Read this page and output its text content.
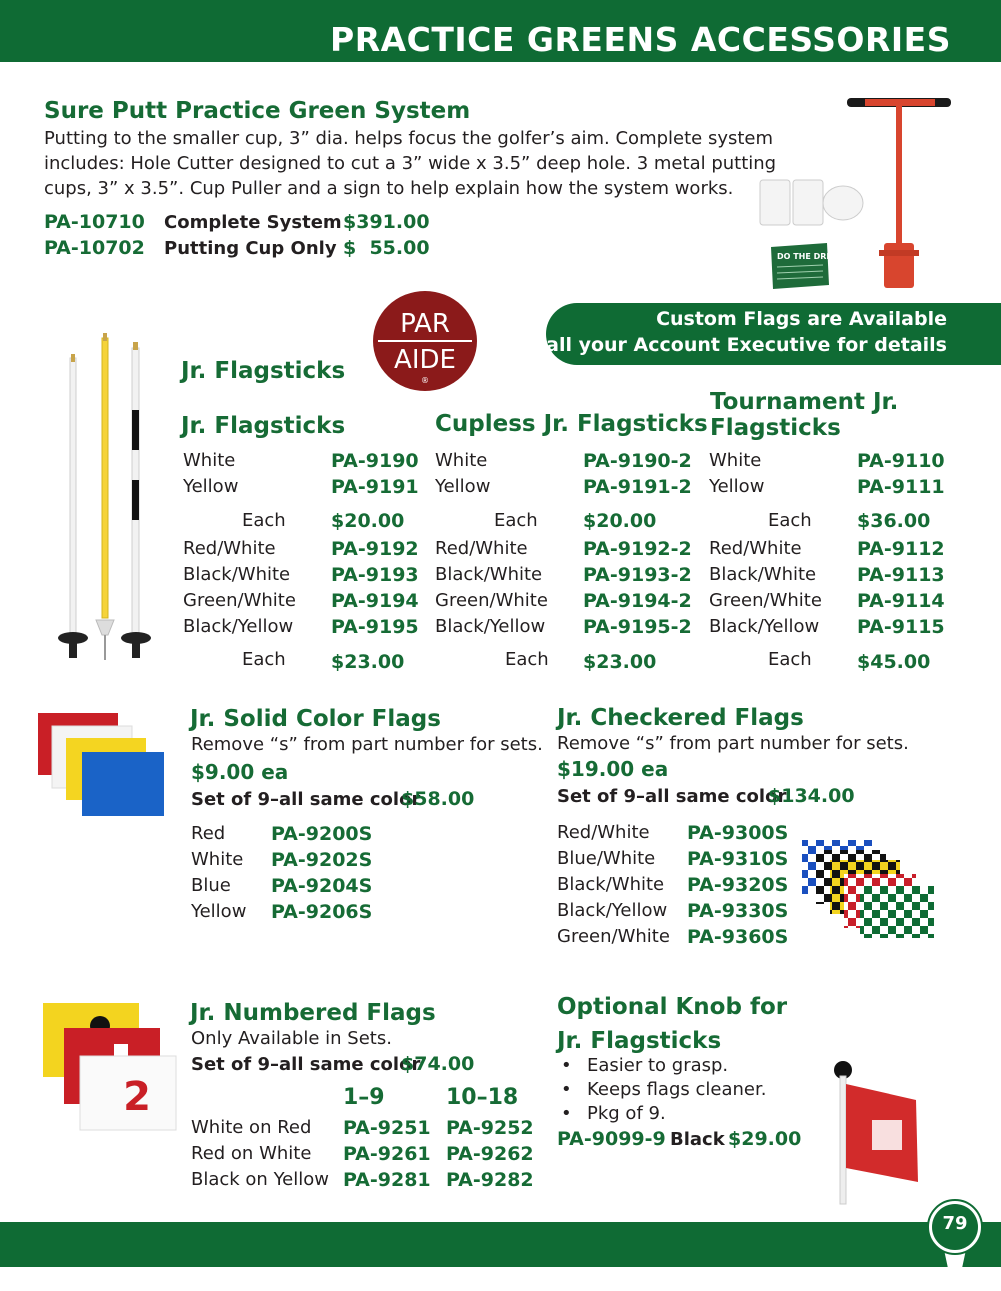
PRACTICE GREENS ACCESSORIES
Sure Putt Practice Green System
Putting to the smaller cup, 3” dia. helps focus the golfer’s aim. Complete system
includes: Hole Cutter designed to cut a 3” wide x 3.5” deep hole. 3 metal putting
cups, 3” x 3.5”. Cup Puller and a sign to help explain how the system works.
PA-10710 Complete System $391.00
PA-10702 Putting Cup Only $  55.00	DO THE DRILL
PAR
AIDE
®
Custom Flags are Available
Call your Account Executive for details
Jr. Flagsticks
Jr. Flagsticks
White	PA-9190
Yellow	PA-9191
Each $20.00
Red/White	PA-9192
Black/White PA-9193
Green/White PA-9194
Black/Yellow PA-9195
Each $23.00
Cupless Jr. Flagsticks
White	PA-9190-2
Yellow	PA-9191-2
Each $20.00
Red/White	PA-9192-2
Black/White PA-9193-2
Green/White PA-9194-2
Black/Yellow PA-9195-2
Each $23.00
Tournament Jr.
Flagsticks
White	PA-9110
Yellow	PA-9111
Each $36.00
Red/White	PA-9112
Black/White PA-9113
Green/White PA-9114
Black/Yellow PA-9115
Each $45.00
Jr. Solid Color Flags
Remove “s” from part number for sets.
$9.00 ea
Set of 9–all same color
$58.00
Red PA-9200S
White PA-9202S
Blue PA-9204S
Yellow PA-9206S
Jr. Checkered Flags
Remove “s” from part number for sets.
$19.00 ea
Set of 9–all same color
$134.00
Red/White PA-9300S
Blue/White PA-9310S
Black/White PA-9320S
Black/Yellow PA-9330S
Green/White PA-9360S
2
Jr. Numbered Flags
Only Available in Sets.
Set of 9–all same color
$74.00
1–9	10–18
White on Red PA-9251 PA-9252
Red on White PA-9261 PA-9262
Black on Yellow PA-9281 PA-9282
Optional Knob for
Jr. Flagsticks
• Easier to grasp.
• Keeps flags cleaner.
• Pkg of 9.
PA-9099-9 Black $29.00
79
